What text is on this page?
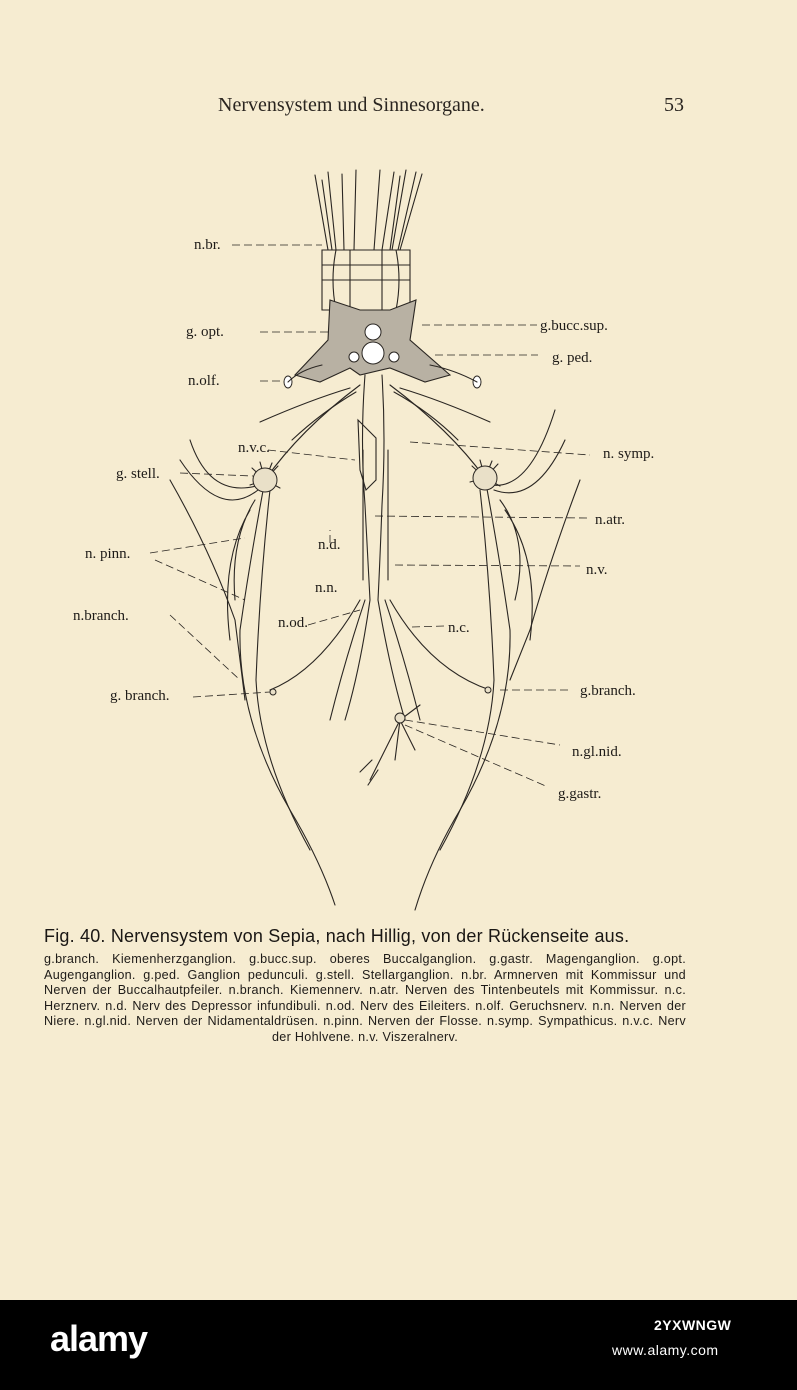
Nervensystem und Sinnesorgane.	53
n.br.
g. opt.
n.olf.
n.v.c.
g. stell.
n. pinn.
n.branch.
g. branch.
g.bucc.sup.
g. ped.
n. symp.
n.atr.
n.v.
n.d.
n.n.
n.od.	n.c.
g.branch.
n.gl.nid.
g.gastr.
Fig. 40. Nervensystem von Sepia, nach Hillig, von der Rückenseite aus.
g.branch. Kiemenherzganglion. g.bucc.sup. oberes Buccalganglion. g.gastr. Magenganglion. g.opt. Augenganglion. g.ped. Ganglion pedunculi. g.stell. Stellarganglion. n.br. Armnerven mit Kommissur und Nerven der Buccalhautpfeiler. n.branch. Kiemennerv. n.atr. Nerven des Tintenbeutels mit Kommissur. n.c. Herznerv. n.d. Nerv des Depressor infundibuli. n.od. Nerv des Eileiters. n.olf. Geruchsnerv. n.n. Nerven der Niere. n.gl.nid. Nerven der Nidamentaldrüsen. n.pinn. Nerven der Flosse. n.symp. Sympathicus. n.v.c. Nerv der Hohlvene. n.v. Viszeralnerv.
alamy	2YXWNGW
www.alamy.com
